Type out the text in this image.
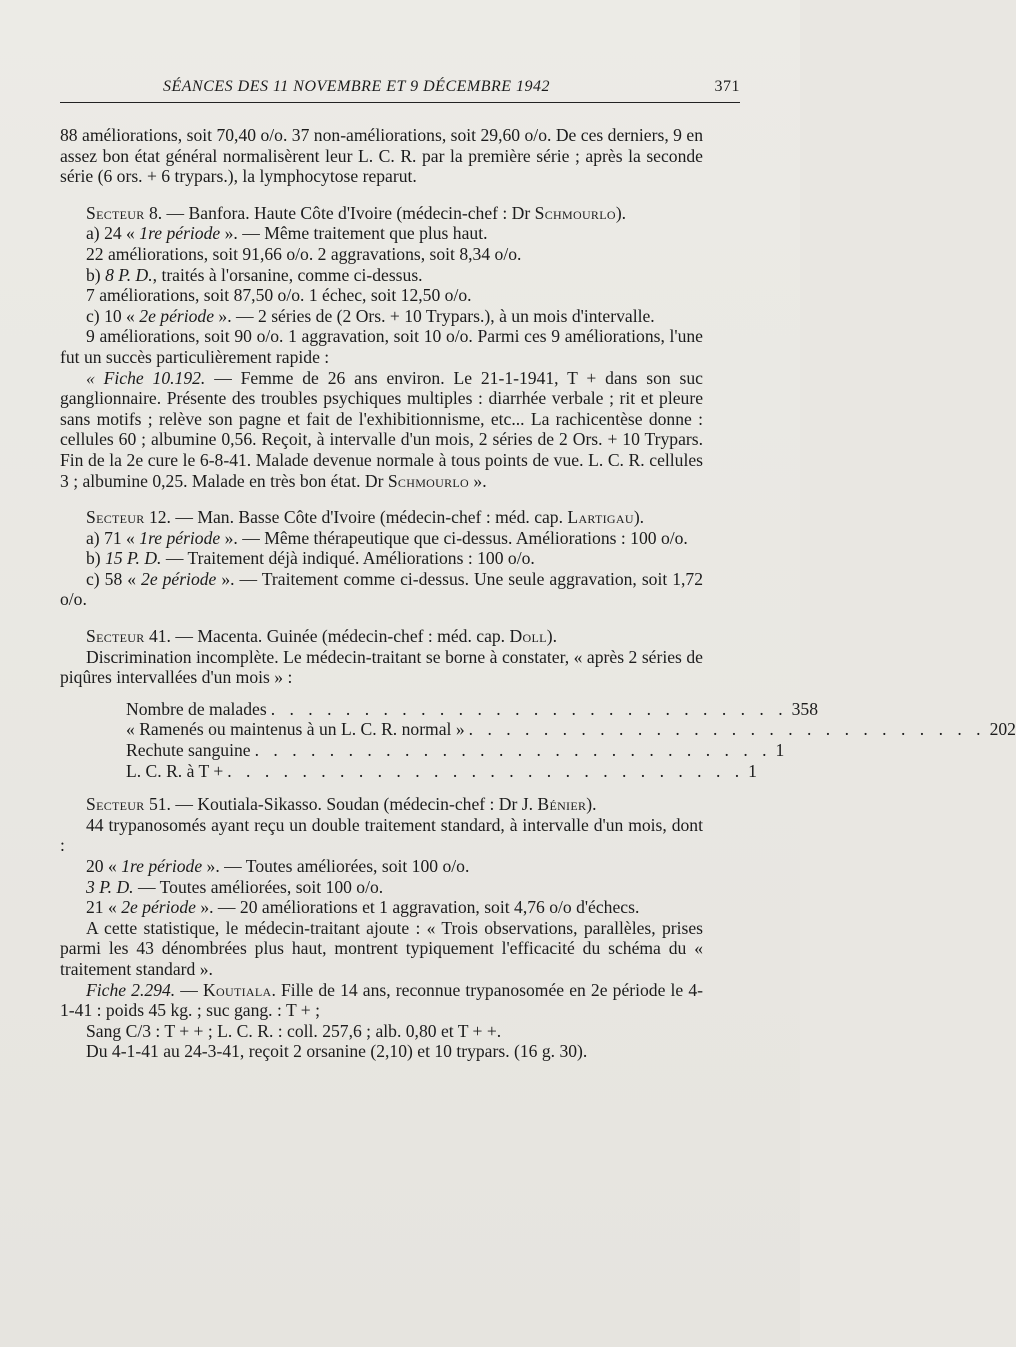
SÉANCES DES 11 NOVEMBRE ET 9 DÉCEMBRE 1942	371

88 améliorations, soit 70,40 o/o. 37 non-améliorations, soit 29,60 o/o. De ces derniers, 9 en assez bon état général normalisèrent leur L. C. R. par la première série ; après la seconde série (6 ors. + 6 trypars.), la lymphocytose reparut.

Secteur 8. — Banfora. Haute Côte d'Ivoire (médecin-chef : Dr Schmourlo).

a) 24 « 1re période ». — Même traitement que plus haut.

22 améliorations, soit 91,66 o/o. 2 aggravations, soit 8,34 o/o.

b) 8 P. D., traités à l'orsanine, comme ci-dessus.

7 améliorations, soit 87,50 o/o. 1 échec, soit 12,50 o/o.

c) 10 « 2e période ». — 2 séries de (2 Ors. + 10 Trypars.), à un mois d'intervalle.

9 améliorations, soit 90 o/o. 1 aggravation, soit 10 o/o. Parmi ces 9 améliorations, l'une fut un succès particulièrement rapide :

« Fiche 10.192. — Femme de 26 ans environ. Le 21-1-1941, T + dans son suc ganglionnaire. Présente des troubles psychiques multiples : diarrhée verbale ; rit et pleure sans motifs ; relève son pagne et fait de l'exhibitionnisme, etc... La rachicentèse donne : cellules 60 ; albumine 0,56. Reçoit, à intervalle d'un mois, 2 séries de 2 Ors. + 10 Trypars. Fin de la 2e cure le 6-8-41. Malade devenue normale à tous points de vue. L. C. R. cellules 3 ; albumine 0,25. Malade en très bon état. Dr Schmourlo ».

Secteur 12. — Man. Basse Côte d'Ivoire (médecin-chef : méd. cap. Lartigau).

a) 71 « 1re période ». — Même thérapeutique que ci-dessus. Améliorations : 100 o/o.

b) 15 P. D. — Traitement déjà indiqué. Améliorations : 100 o/o.

c) 58 « 2e période ». — Traitement comme ci-dessus. Une seule aggravation, soit 1,72 o/o.

Secteur 41. — Macenta. Guinée (médecin-chef : méd. cap. Doll).

Discrimination incomplète. Le médecin-traitant se borne à constater, « après 2 séries de piqûres intervallées d'un mois » :

Nombre de malades . . . . . . . . . . . . . . . . . . . . . . . . . . . . 358
« Ramenés ou maintenus à un L. C. R. normal » . . . . . . . . . . . . . . . . . . . . . . . . . . . . 202
Rechute sanguine . . . . . . . . . . . . . . . . . . . . . . . . . . . . 1
L. C. R. à T + . . . . . . . . . . . . . . . . . . . . . . . . . . . . 1

Secteur 51. — Koutiala-Sikasso. Soudan (médecin-chef : Dr J. Bénier).

44 trypanosomés ayant reçu un double traitement standard, à intervalle d'un mois, dont :

20 « 1re période ». — Toutes améliorées, soit 100 o/o.

3 P. D. — Toutes améliorées, soit 100 o/o.

21 « 2e période ». — 20 améliorations et 1 aggravation, soit 4,76 o/o d'échecs.

A cette statistique, le médecin-traitant ajoute : « Trois observations, parallèles, prises parmi les 43 dénombrées plus haut, montrent typiquement l'efficacité du schéma du « traitement standard ».

Fiche 2.294. — Koutiala. Fille de 14 ans, reconnue trypanosomée en 2e période le 4-1-41 : poids 45 kg. ; suc gang. : T + ;

Sang C/3 : T + + ; L. C. R. : coll. 257,6 ; alb. 0,80 et T + +.

Du 4-1-41 au 24-3-41, reçoit 2 orsanine (2,10) et 10 trypars. (16 g. 30).
